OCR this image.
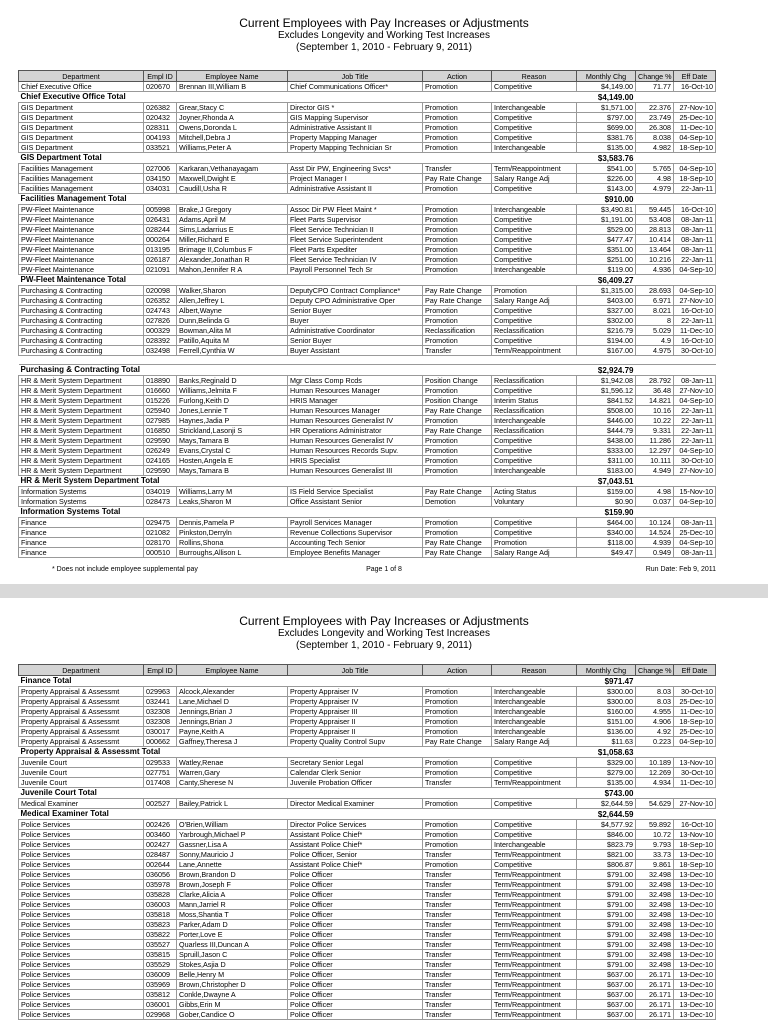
Current Employees with Pay Increases or Adjustments
Excludes Longevity and Working Test Increases
(September 1, 2010 - February 9, 2011)
Department	Empl ID	Employee Name	Job Title	Action	Reason	Monthly Chg	Change %	Eff Date
Chief Executive Office	020670	Brennan III,William B	Chief Communications Officer*	Promotion	Competitive	$4,149.00	71.77	16-Oct-10
Chief Executive Office Total						$4,149.00		
GIS Department	026382	Grear,Stacy C	Director GIS *	Promotion	Interchangeable	$1,571.00	22.376	27-Nov-10
GIS Department	020432	Joyner,Rhonda A	GIS Mapping Supervisor	Promotion	Competitive	$797.00	23.749	25-Dec-10
GIS Department	028311	Owens,Doronda L	Administrative Assistant II	Promotion	Competitive	$699.00	26.308	11-Dec-10
GIS Department	004193	Mitchell,Debra J	Property Mapping Manager	Promotion	Competitive	$381.76	8.038	04-Sep-10
GIS Department	033521	Williams,Peter A	Property Mapping Technician Sr	Promotion	Interchangeable	$135.00	4.982	18-Sep-10
GIS Department Total						$3,583.76		
Facilities Management	027006	Karkaran,Vethanayagam	Asst Dir PW, Engineering Svcs*	Transfer	Term/Reappointment	$541.00	5.765	04-Sep-10
Facilities Management	034150	Maxwell,Dwight E	Project Manager I	Pay Rate Change	Salary Range Adj	$226.00	4.98	18-Sep-10
Facilities Management	034031	Caudill,Usha R	Administrative Assistant II	Promotion	Competitive	$143.00	4.979	22-Jan-11
Facilities Management Total						$910.00		
PW-Fleet Maintenance	005998	Brake,J Gregory	Assoc Dir PW Fleet Maint *	Promotion	Interchangeable	$3,490.81	59.445	16-Oct-10
PW-Fleet Maintenance	026431	Adams,April M	Fleet Parts Supervisor	Promotion	Competitive	$1,191.00	53.408	08-Jan-11
PW-Fleet Maintenance	028244	Sims,Ladarrius E	Fleet Service Technician II	Promotion	Competitive	$529.00	28.813	08-Jan-11
PW-Fleet Maintenance	000264	Miller,Richard E	Fleet Service Superintendent	Promotion	Competitive	$477.47	10.414	08-Jan-11
PW-Fleet Maintenance	013195	Brimage II,Columbus F	Fleet Parts Expediter	Promotion	Competitive	$351.00	13.464	08-Jan-11
PW-Fleet Maintenance	026187	Alexander,Jonathan R	Fleet Service Technician IV	Promotion	Competitive	$251.00	10.216	22-Jan-11
PW-Fleet Maintenance	021091	Mahon,Jennifer R A	Payroll Personnel Tech Sr	Promotion	Interchangeable	$119.00	4.936	04-Sep-10
PW-Fleet Maintenance Total						$6,409.27		
Purchasing & Contracting	020098	Walker,Sharon	DeputyCPO Contract Compliance*	Pay Rate Change	Promotion	$1,315.00	28.693	04-Sep-10
Purchasing & Contracting	026352	Allen,Jeffrey L	Deputy CPO Administrative Oper	Pay Rate Change	Salary Range Adj	$403.00	6.971	27-Nov-10
Purchasing & Contracting	024743	Albert,Wayne	Senior Buyer	Promotion	Competitive	$327.00	8.021	16-Oct-10
Purchasing & Contracting	027826	Dunn,Belinda G	Buyer	Promotion	Competitive	$302.00	8	22-Jan-11
Purchasing & Contracting	000329	Bowman,Alita M	Administrative Coordinator	Reclassification	Reclassification	$216.79	5.029	11-Dec-10
Purchasing & Contracting	028392	Patillo,Aquita M	Senior Buyer	Promotion	Competitive	$194.00	4.9	16-Oct-10
Purchasing & Contracting	032498	Ferrell,Cynthia W	Buyer Assistant	Transfer	Term/Reappointment	$167.00	4.975	30-Oct-10

Purchasing & Contracting Total						$2,924.79		
HR & Merit System Department	018890	Banks,Reginald D	Mgr Class Comp Rcds	Position Change	Reclassification	$1,942.08	28.792	08-Jan-11
HR & Merit System Department	016660	Williams,Jelmita F	Human Resources Manager	Promotion	Competitive	$1,596.12	36.48	27-Nov-10
HR & Merit System Department	015226	Furlong,Keith D	HRIS Manager	Position Change	Interim Status	$841.52	14.821	04-Sep-10
HR & Merit System Department	025940	Jones,Lennie T	Human Resources Manager	Pay Rate Change	Reclassification	$508.00	10.16	22-Jan-11
HR & Merit System Department	027985	Haynes,Jadia P	Human Resources Generalist IV	Promotion	Interchangeable	$446.00	10.22	22-Jan-11
HR & Merit System Department	016850	Strickland,Lasonji S	HR Operations Administrator	Pay Rate Change	Reclassification	$444.79	9.331	22-Jan-11
HR & Merit System Department	029590	Mays,Tamara B	Human Resources Generalist IV	Promotion	Competitive	$438.00	11.286	22-Jan-11
HR & Merit System Department	026249	Evans,Crystal C	Human Resources Records Supv.	Promotion	Competitive	$333.00	12.297	04-Sep-10
HR & Merit System Department	024165	Hosten,Angela E	HRIS Specialist	Promotion	Competitive	$311.00	10.111	30-Oct-10
HR & Merit System Department	029590	Mays,Tamara B	Human Resources Generalist III	Promotion	Interchangeable	$183.00	4.949	27-Nov-10
HR & Merit System Department Total						$7,043.51		
Information Systems	034019	Williams,Larry M	IS Field Service Specialist	Pay Rate Change	Acting Status	$159.00	4.98	15-Nov-10
Information Systems	028473	Leaks,Sharon M	Office Assistant Senior	Demotion	Voluntary	$0.90	0.037	04-Sep-10
Information Systems Total						$159.90		
Finance	029475	Dennis,Pamela P	Payroll Services Manager	Promotion	Competitive	$464.00	10.124	08-Jan-11
Finance	021082	Pinkston,Derryln	Revenue Collections Supervisor	Promotion	Competitive	$340.00	14.524	25-Dec-10
Finance	028170	Rollins,Shona	Accounting Tech Senior	Pay Rate Change	Promotion	$118.00	4.939	04-Sep-10
Finance	000510	Burroughs,Allison L	Employee Benefits Manager	Pay Rate Change	Salary Range Adj	$49.47	0.949	08-Jan-11
* Does not include employee supplemental pay	Page 1 of 8	Run Date: Feb 9, 2011
Current Employees with Pay Increases or Adjustments
Excludes Longevity and Working Test Increases
(September 1, 2010 - February 9, 2011)
Department	Empl ID	Employee Name	Job Title	Action	Reason	Monthly Chg	Change %	Eff Date
Finance Total						$971.47		
Property Appraisal & Assessmt	029963	Alcock,Alexander	Property Appraiser IV	Promotion	Interchangeable	$300.00	8.03	30-Oct-10
Property Appraisal & Assessmt	032441	Lane,Michael D	Property Appraiser IV	Promotion	Interchangeable	$300.00	8.03	25-Dec-10
Property Appraisal & Assessmt	032308	Jennings,Brian J	Property Appraiser III	Promotion	Interchangeable	$160.00	4.955	11-Dec-10
Property Appraisal & Assessmt	032308	Jennings,Brian J	Property Appraiser II	Promotion	Interchangeable	$151.00	4.906	18-Sep-10
Property Appraisal & Assessmt	030017	Payne,Keith A	Property Appraiser II	Promotion	Interchangeable	$136.00	4.92	25-Dec-10
Property Appraisal & Assessmt	000662	Gaffney,Theresa J	Property Quality Control Supv	Pay Rate Change	Salary Range Adj	$11.63	0.223	04-Sep-10
Property Appraisal & Assessmt Total						$1,058.63		
Juvenile Court	029533	Watley,Renae	Secretary Senior Legal	Promotion	Competitive	$329.00	10.189	13-Nov-10
Juvenile Court	027751	Warren,Gary	Calendar Clerk Senior	Promotion	Competitive	$279.00	12.269	30-Oct-10
Juvenile Court	017408	Canty,Sherese N	Juvenile Probation Officer	Transfer	Term/Reappointment	$135.00	4.934	11-Dec-10
Juvenile Court Total						$743.00		
Medical Examiner	002527	Bailey,Patrick L	Director Medical Examiner	Promotion	Competitive	$2,644.59	54.629	27-Nov-10
Medical Examiner Total						$2,644.59		
Police Services	002426	O'Brien,William	Director Police Services	Promotion	Competitive	$4,577.92	59.892	16-Oct-10
Police Services	003460	Yarbrough,Michael P	Assistant Police Chief*	Promotion	Competitive	$846.00	10.72	13-Nov-10
Police Services	002427	Gassner,Lisa A	Assistant Police Chief*	Promotion	Interchangeable	$823.79	9.793	18-Sep-10
Police Services	028487	Sonny,Mauricio J	Police Officer, Senior	Transfer	Term/Reappointment	$821.00	33.73	13-Dec-10
Police Services	002644	Lane,Annette	Assistant Police Chief*	Promotion	Competitive	$806.87	9.861	18-Sep-10
Police Services	036056	Brown,Brandon D	Police Officer	Transfer	Term/Reappointment	$791.00	32.498	13-Dec-10
Police Services	035978	Brown,Joseph F	Police Officer	Transfer	Term/Reappointment	$791.00	32.498	13-Dec-10
Police Services	035828	Clarke,Alicia A	Police Officer	Transfer	Term/Reappointment	$791.00	32.498	13-Dec-10
Police Services	036003	Mann,Jarriel R	Police Officer	Transfer	Term/Reappointment	$791.00	32.498	13-Dec-10
Police Services	035818	Moss,Shantia T	Police Officer	Transfer	Term/Reappointment	$791.00	32.498	13-Dec-10
Police Services	035823	Parker,Adam D	Police Officer	Transfer	Term/Reappointment	$791.00	32.498	13-Dec-10
Police Services	035822	Porter,Love E	Police Officer	Transfer	Term/Reappointment	$791.00	32.498	13-Dec-10
Police Services	035527	Quarless III,Duncan A	Police Officer	Transfer	Term/Reappointment	$791.00	32.498	13-Dec-10
Police Services	035815	Spruill,Jason C	Police Officer	Transfer	Term/Reappointment	$791.00	32.498	13-Dec-10
Police Services	035529	Stokes,Asjia D	Police Officer	Transfer	Term/Reappointment	$791.00	32.498	13-Dec-10
Police Services	036009	Belle,Henry M	Police Officer	Transfer	Term/Reappointment	$637.00	26.171	13-Dec-10
Police Services	035969	Brown,Christopher D	Police Officer	Transfer	Term/Reappointment	$637.00	26.171	13-Dec-10
Police Services	035812	Conkle,Dwayne A	Police Officer	Transfer	Term/Reappointment	$637.00	26.171	13-Dec-10
Police Services	036001	Gibbs,Erin M	Police Officer	Transfer	Term/Reappointment	$637.00	26.171	13-Dec-10
Police Services	029968	Gober,Candice O	Police Officer	Transfer	Term/Reappointment	$637.00	26.171	13-Dec-10
